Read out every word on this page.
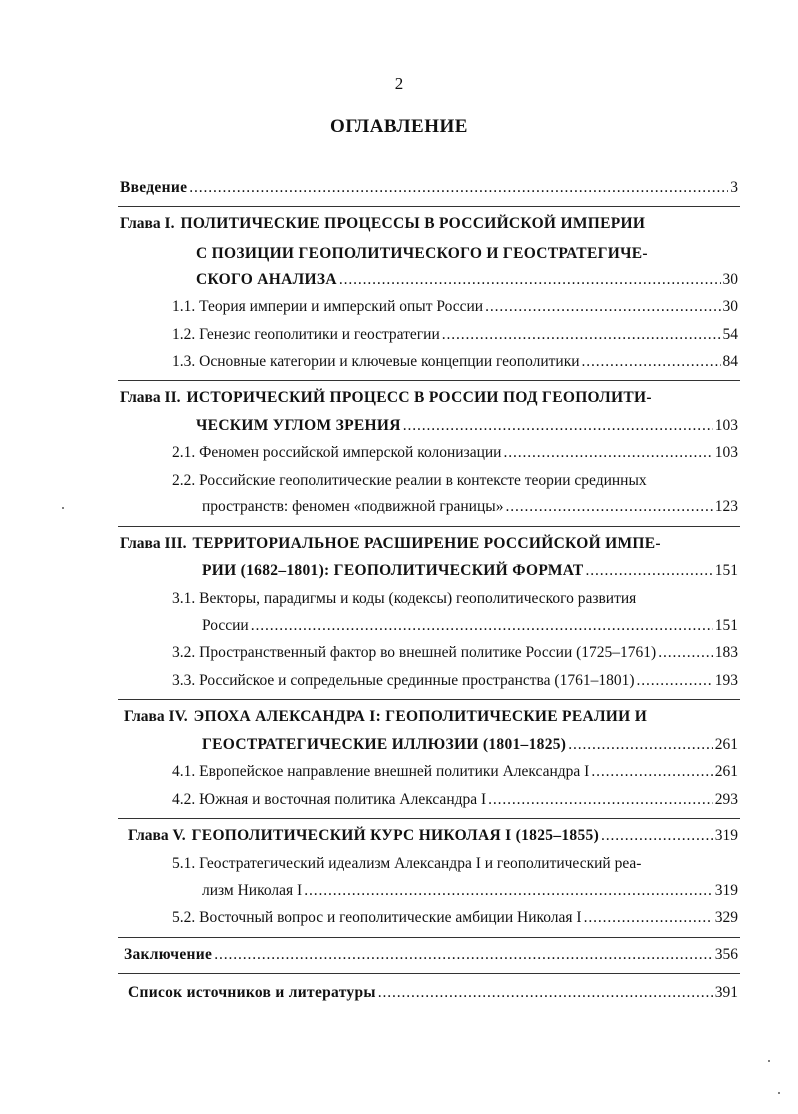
2
ОГЛАВЛЕНИЕ
Введение . . .	3
Глава I. ПОЛИТИЧЕСКИЕ ПРОЦЕССЫ В РОССИЙСКОЙ ИМПЕРИИ
С ПОЗИЦИИ ГЕОПОЛИТИЧЕСКОГО И ГЕОСТРАТЕГИЧЕ-
СКОГО АНАЛИЗА . . .	30
1.1. Теория империи и имперский опыт России . . .	30
1.2. Генезис геополитики и геостратегии . . .	54
1.3. Основные категории и ключевые концепции геополитики . . .	84
Глава II. ИСТОРИЧЕСКИЙ ПРОЦЕСС В РОССИИ ПОД ГЕОПОЛИТИ-
ЧЕСКИМ УГЛОМ ЗРЕНИЯ . . .	103
2.1. Феномен российской имперской колонизации . . .	103
2.2. Российские геополитические реалии в контексте теории срединных
пространств: феномен «подвижной границы» . . .	123
Глава III. ТЕРРИТОРИАЛЬНОЕ РАСШИРЕНИЕ РОССИЙСКОЙ ИМПЕ-
РИИ (1682–1801): ГЕОПОЛИТИЧЕСКИЙ ФОРМАТ . . .	151
3.1. Векторы, парадигмы и коды (кодексы) геополитического развития
России . . .	151
3.2. Пространственный фактор во внешней политике России (1725–1761) . . .	183
3.3. Российское и сопредельные срединные пространства (1761–1801) . . .	193
Глава IV. ЭПОХА АЛЕКСАНДРА I: ГЕОПОЛИТИЧЕСКИЕ РЕАЛИИ И
ГЕОСТРАТЕГИЧЕСКИЕ ИЛЛЮЗИИ (1801–1825) . . .	261
4.1. Европейское направление внешней политики Александра I . . .	261
4.2. Южная и восточная политика Александра I . . .	293
Глава V. ГЕОПОЛИТИЧЕСКИЙ КУРС НИКОЛАЯ I (1825–1855) . . .	319
5.1. Геостратегический идеализм Александра I и геополитический реа-
лизм Николая I . . .	319
5.2. Восточный вопрос и геополитические амбиции Николая I . . .	329
Заключение . . .	356
Список источников и литературы . . .	391
